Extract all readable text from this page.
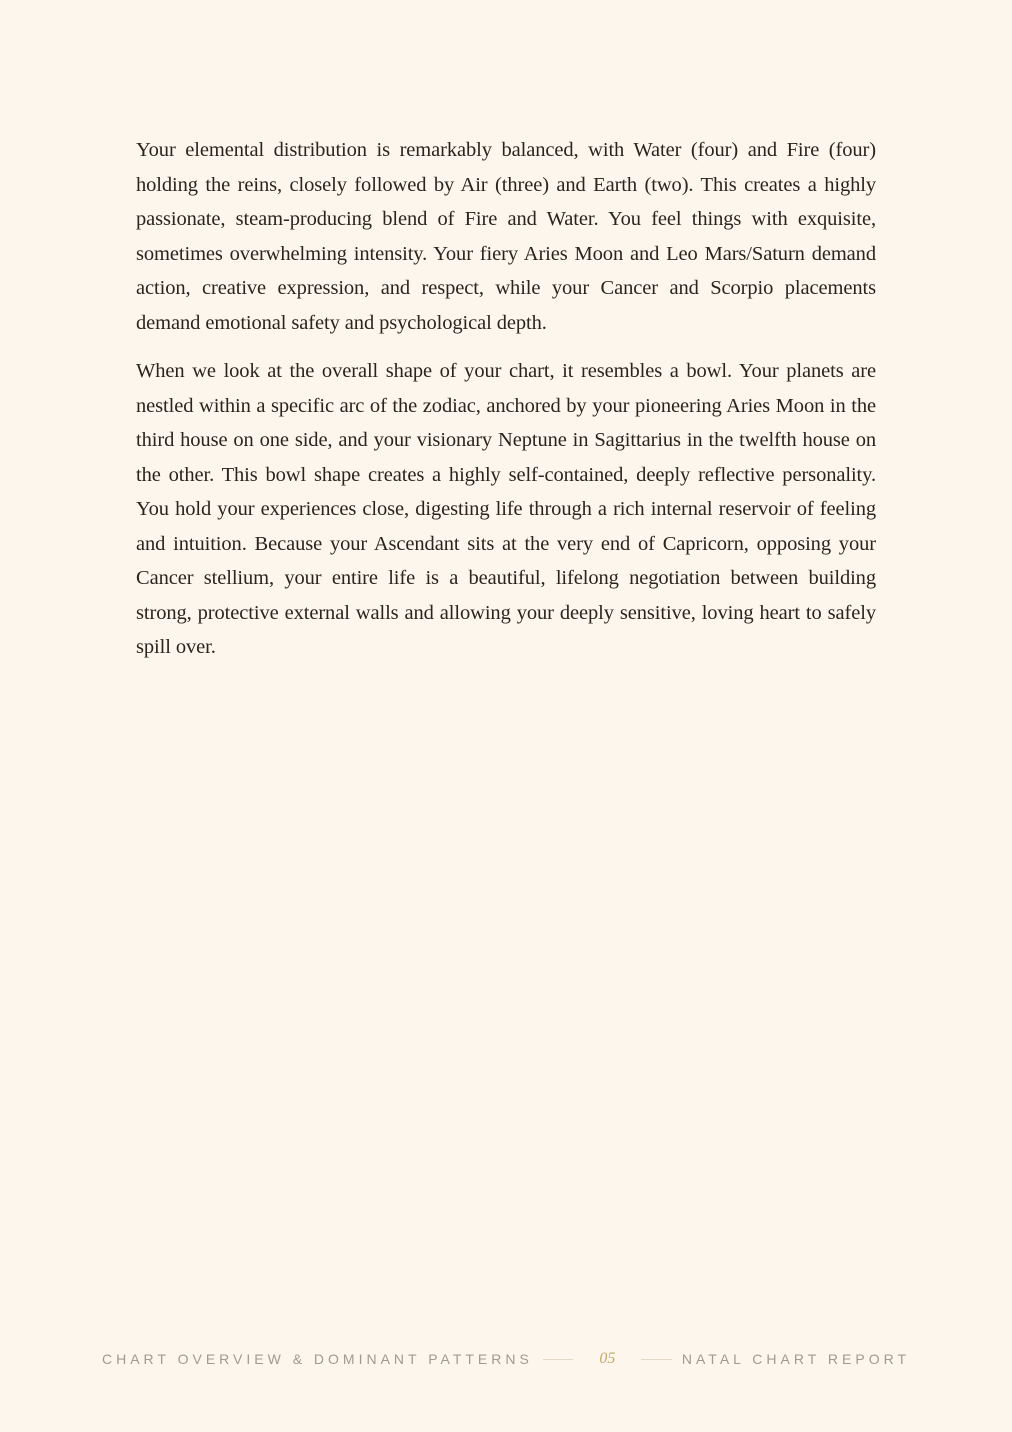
Your elemental distribution is remarkably balanced, with Water (four) and Fire (four) holding the reins, closely followed by Air (three) and Earth (two). This creates a highly passionate, steam-producing blend of Fire and Water. You feel things with exquisite, sometimes overwhelming intensity. Your fiery Aries Moon and Leo Mars/Saturn demand action, creative expression, and respect, while your Cancer and Scorpio placements demand emotional safety and psychological depth.

When we look at the overall shape of your chart, it resembles a bowl. Your planets are nestled within a specific arc of the zodiac, anchored by your pioneering Aries Moon in the third house on one side, and your visionary Neptune in Sagittarius in the twelfth house on the other. This bowl shape creates a highly self-contained, deeply reflective personality. You hold your experiences close, digesting life through a rich internal reservoir of feeling and intuition. Because your Ascendant sits at the very end of Capricorn, opposing your Cancer stellium, your entire life is a beautiful, lifelong negotiation between building strong, protective external walls and allowing your deeply sensitive, loving heart to safely spill over.

CHART OVERVIEW & DOMINANT PATTERNS	05	NATAL CHART REPORT
